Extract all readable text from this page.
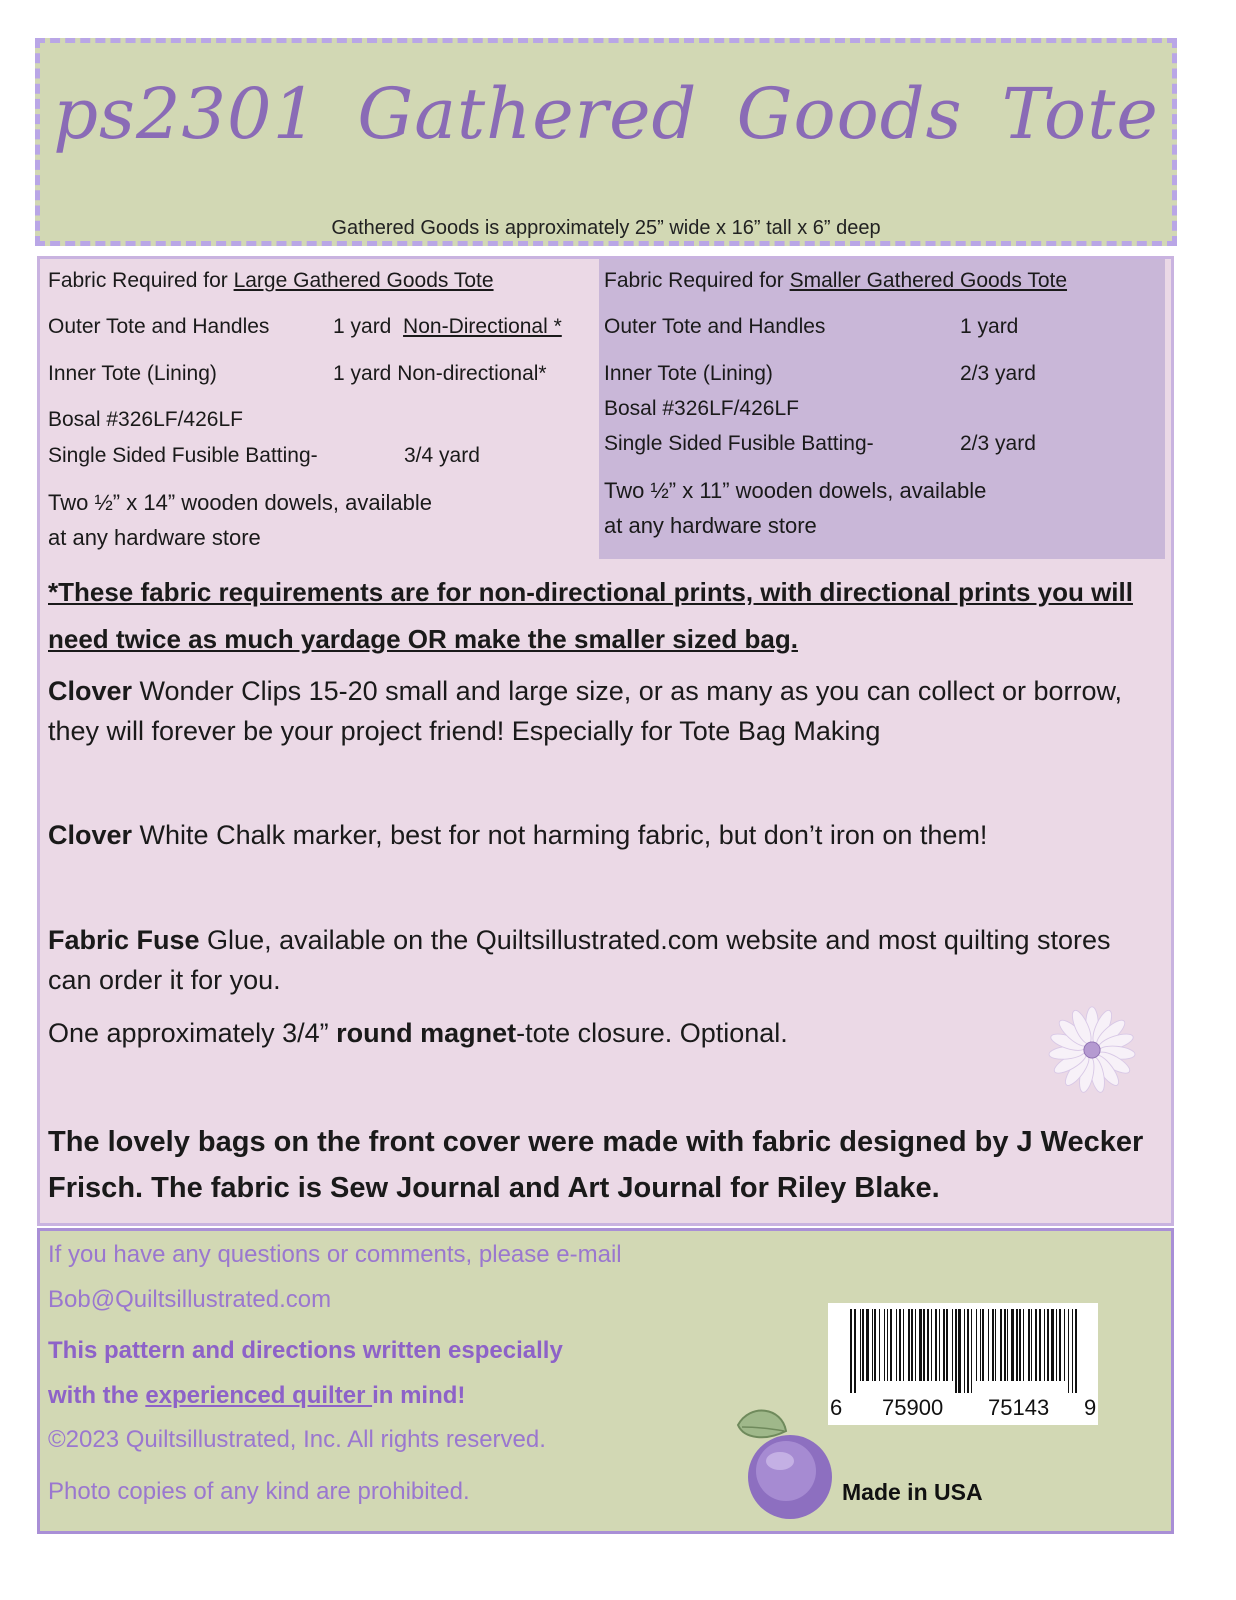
ps2301 Gathered Goods Tote
Gathered Goods is approximately 25” wide x 16” tall x 6” deep
Fabric Required for Large Gathered Goods Tote
Outer Tote and Handles	1 yard Non-Directional *
Inner Tote (Lining)	1 yard Non-directional*
Bosal #326LF/426LF
Single Sided Fusible Batting-	3/4 yard
Two ½” x 14” wooden dowels, available
at any hardware store
Fabric Required for Smaller Gathered Goods Tote
Outer Tote and Handles	1 yard
Inner Tote (Lining)	2/3 yard
Bosal #326LF/426LF
Single Sided Fusible Batting-	2/3 yard
Two ½” x 11” wooden dowels, available
at any hardware store
*These fabric requirements are for non-directional prints, with directional prints you will need twice as much yardage OR make the smaller sized bag.
Clover Wonder Clips 15-20 small and large size, or as many as you can collect or borrow, they will forever be your project friend! Especially for Tote Bag Making
Clover White Chalk marker, best for not harming fabric, but don’t iron on them!
Fabric Fuse Glue, available on the Quiltsillustrated.com website and most quilting stores can order it for you.
One approximately 3/4” round magnet-tote closure. Optional.
The lovely bags on the front cover were made with fabric designed by J Wecker Frisch. The fabric is Sew Journal and Art Journal for Riley Blake.
If you have any questions or comments, please e-mail
Bob@Quiltsillustrated.com
This pattern and directions written especially
with the experienced quilter in mind!
©2023 Quiltsillustrated, Inc. All rights reserved.
Photo copies of any kind are prohibited.
6 75900 75143 9
Made in USA
